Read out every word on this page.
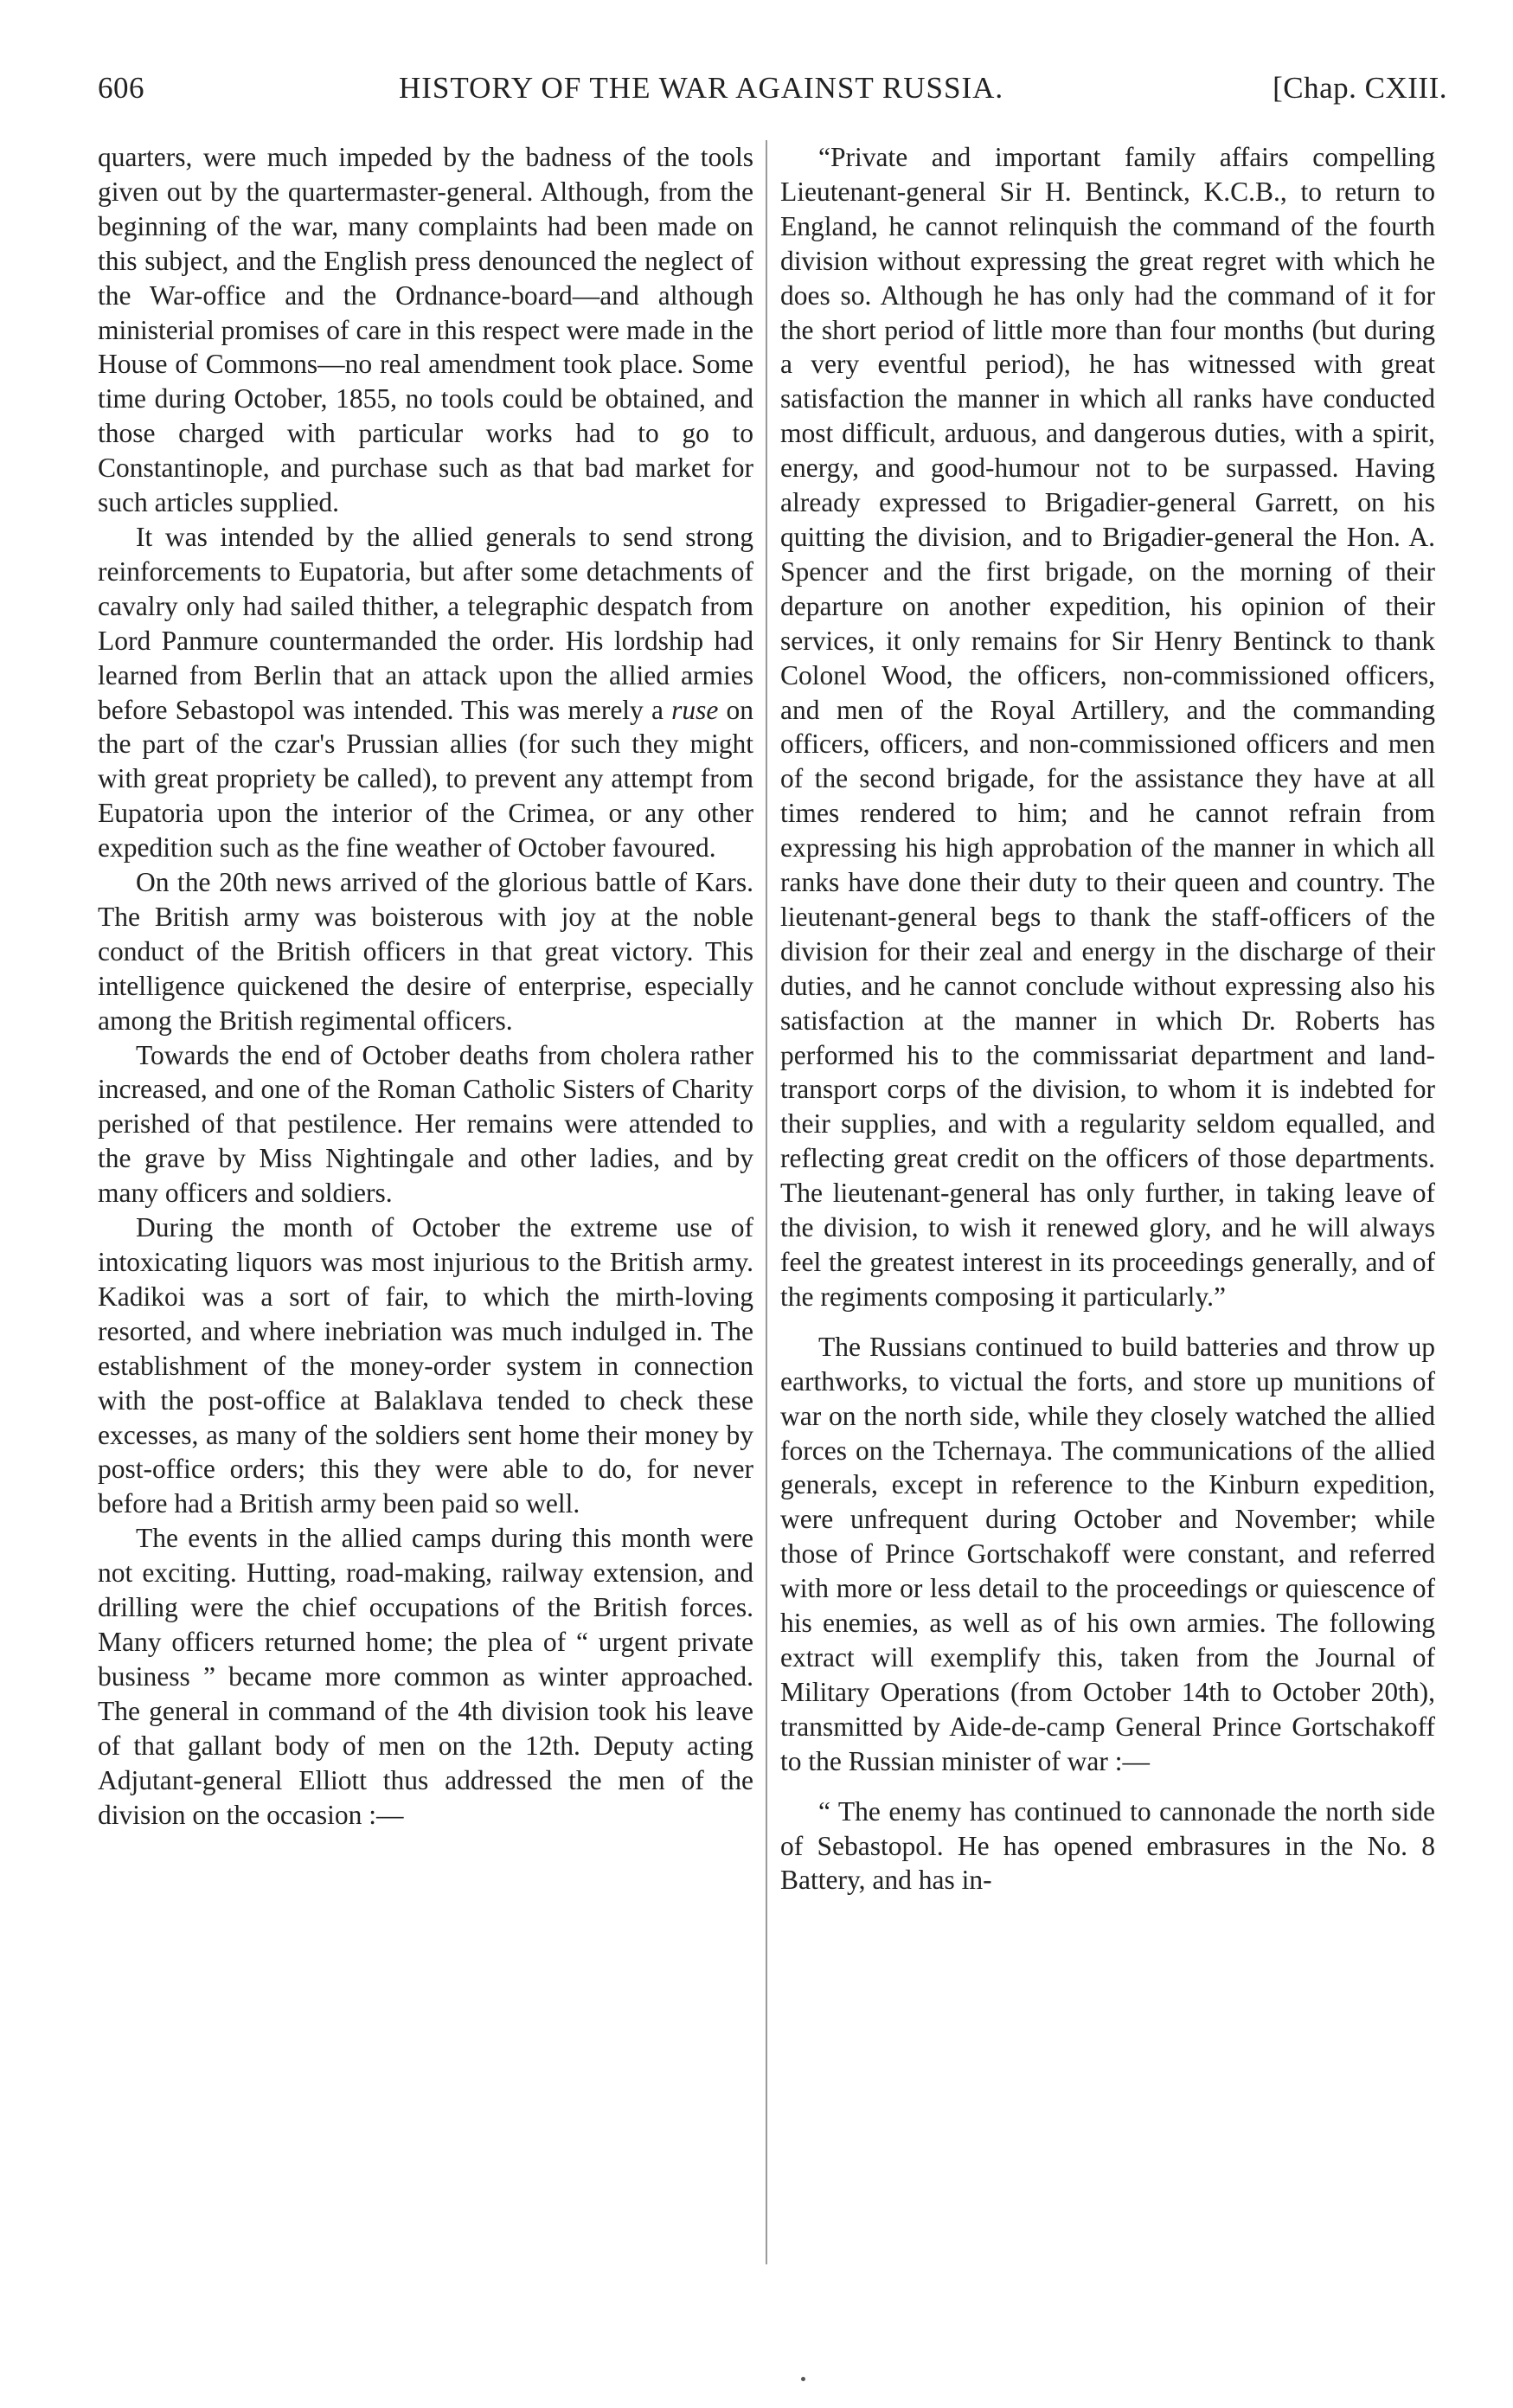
606	HISTORY OF THE WAR AGAINST RUSSIA.	[Chap. CXIII.

quarters, were much impeded by the badness of the tools given out by the quartermaster-general. Although, from the beginning of the war, many complaints had been made on this subject, and the English press denounced the neglect of the War-office and the Ordnance-board—and although ministerial promises of care in this respect were made in the House of Commons—no real amendment took place. Some time during October, 1855, no tools could be obtained, and those charged with particular works had to go to Constantinople, and purchase such as that bad market for such articles supplied.

It was intended by the allied generals to send strong reinforcements to Eupatoria, but after some detachments of cavalry only had sailed thither, a telegraphic despatch from Lord Panmure countermanded the order. His lordship had learned from Berlin that an attack upon the allied armies before Sebastopol was intended. This was merely a ruse on the part of the czar's Prussian allies (for such they might with great propriety be called), to prevent any attempt from Eupatoria upon the interior of the Crimea, or any other expedition such as the fine weather of October favoured.

On the 20th news arrived of the glorious battle of Kars. The British army was boisterous with joy at the noble conduct of the British officers in that great victory. This intelligence quickened the desire of enterprise, especially among the British regimental officers.

Towards the end of October deaths from cholera rather increased, and one of the Roman Catholic Sisters of Charity perished of that pestilence. Her remains were attended to the grave by Miss Nightingale and other ladies, and by many officers and soldiers.

During the month of October the extreme use of intoxicating liquors was most injurious to the British army. Kadikoi was a sort of fair, to which the mirth-loving resorted, and where inebriation was much indulged in. The establishment of the money-order system in connection with the post-office at Balaklava tended to check these excesses, as many of the soldiers sent home their money by post-office orders; this they were able to do, for never before had a British army been paid so well.

The events in the allied camps during this month were not exciting. Hutting, road-making, railway extension, and drilling were the chief occupations of the British forces. Many officers returned home; the plea of “ urgent private business ” became more common as winter approached. The general in command of the 4th division took his leave of that gallant body of men on the 12th. Deputy acting Adjutant-general Elliott thus addressed the men of the division on the occasion :—

“Private and important family affairs compelling Lieutenant-general Sir H. Bentinck, K.C.B., to return to England, he cannot relinquish the command of the fourth division without expressing the great regret with which he does so. Although he has only had the command of it for the short period of little more than four months (but during a very eventful period), he has witnessed with great satisfaction the manner in which all ranks have conducted most difficult, arduous, and dangerous duties, with a spirit, energy, and good-humour not to be surpassed. Having already expressed to Brigadier-general Garrett, on his quitting the division, and to Brigadier-general the Hon. A. Spencer and the first brigade, on the morning of their departure on another expedition, his opinion of their services, it only remains for Sir Henry Bentinck to thank Colonel Wood, the officers, non-commissioned officers, and men of the Royal Artillery, and the commanding officers, officers, and non-commissioned officers and men of the second brigade, for the assistance they have at all times rendered to him; and he cannot refrain from expressing his high approbation of the manner in which all ranks have done their duty to their queen and country. The lieutenant-general begs to thank the staff-officers of the division for their zeal and energy in the discharge of their duties, and he cannot conclude without expressing also his satisfaction at the manner in which Dr. Roberts has performed his to the commissariat department and land-transport corps of the division, to whom it is indebted for their supplies, and with a regularity seldom equalled, and reflecting great credit on the officers of those departments. The lieutenant-general has only further, in taking leave of the division, to wish it renewed glory, and he will always feel the greatest interest in its proceedings generally, and of the regiments composing it particularly.”

The Russians continued to build batteries and throw up earthworks, to victual the forts, and store up munitions of war on the north side, while they closely watched the allied forces on the Tchernaya. The communications of the allied generals, except in reference to the Kinburn expedition, were unfrequent during October and November; while those of Prince Gortschakoff were constant, and referred with more or less detail to the proceedings or quiescence of his enemies, as well as of his own armies. The following extract will exemplify this, taken from the Journal of Military Operations (from October 14th to October 20th), transmitted by Aide-de-camp General Prince Gortschakoff to the Russian minister of war :—

“ The enemy has continued to cannonade the north side of Sebastopol. He has opened embrasures in the No. 8 Battery, and has in-
